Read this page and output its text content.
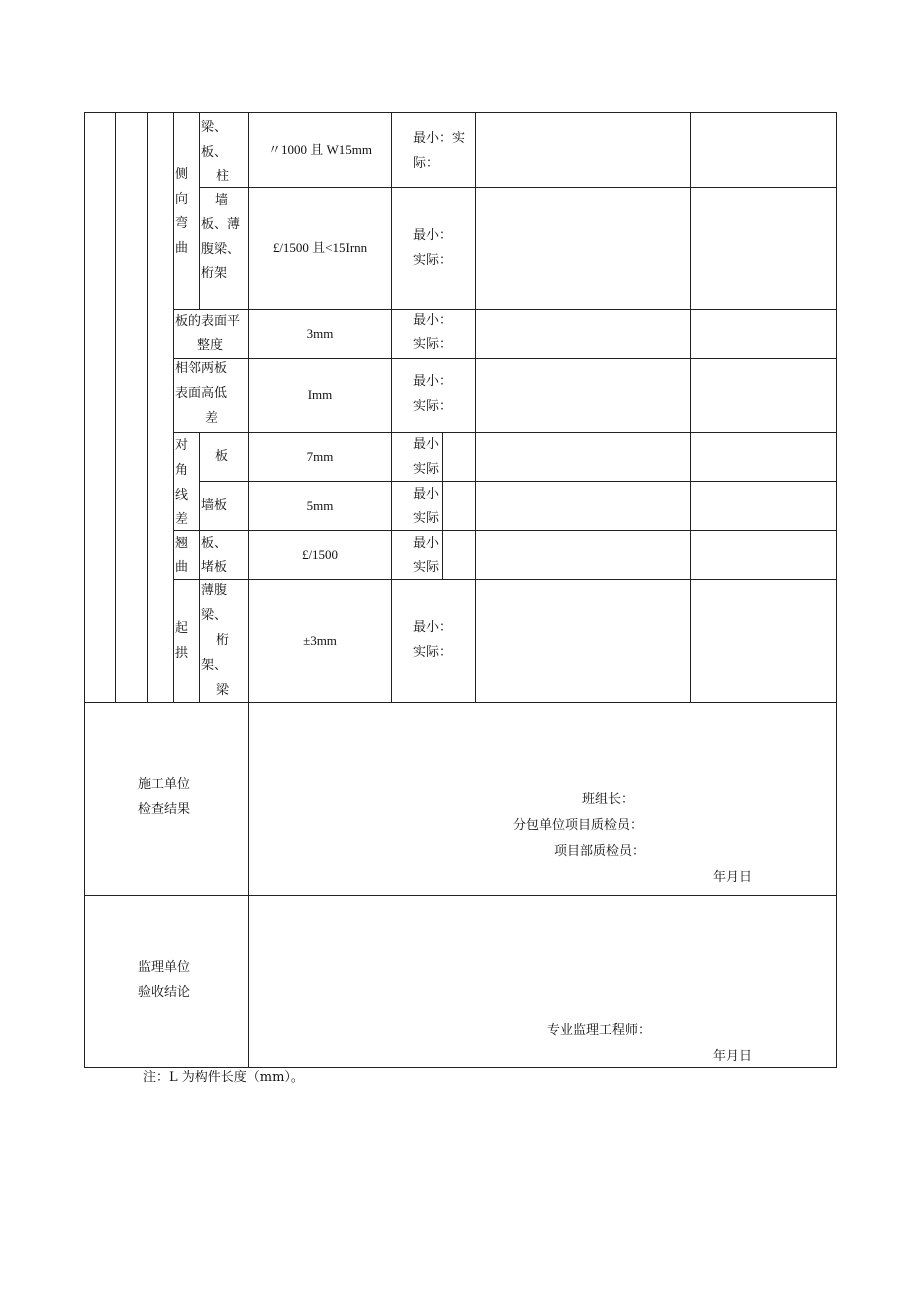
侧
向
弯
曲
梁、
板、
柱
〃1000 且 W15mm
最小：实
际：
墙
板、薄
腹梁、
桁架
£/1500 且<15Irnn
最小：
实际：
板的表面平
整度
3mm
最小：
实际：
相邻两板
表面高低
差
Imm
最小：
实际：
对
角
线
差
板	7mm
最小
实际
墙板	5mm
最小
实际
翘
曲
板、
堵板
£/1500
最小
实际
起
拱
薄腹
梁、
桁
架、
梁
±3mm
最小：
实际：
施工单位
检查结果
班组长：
分包单位项目质检员：
项目部质检员：
年月日
监理单位
验收结论
专业监理工程师：
年月日
注：L 为构件长度（mm）。
